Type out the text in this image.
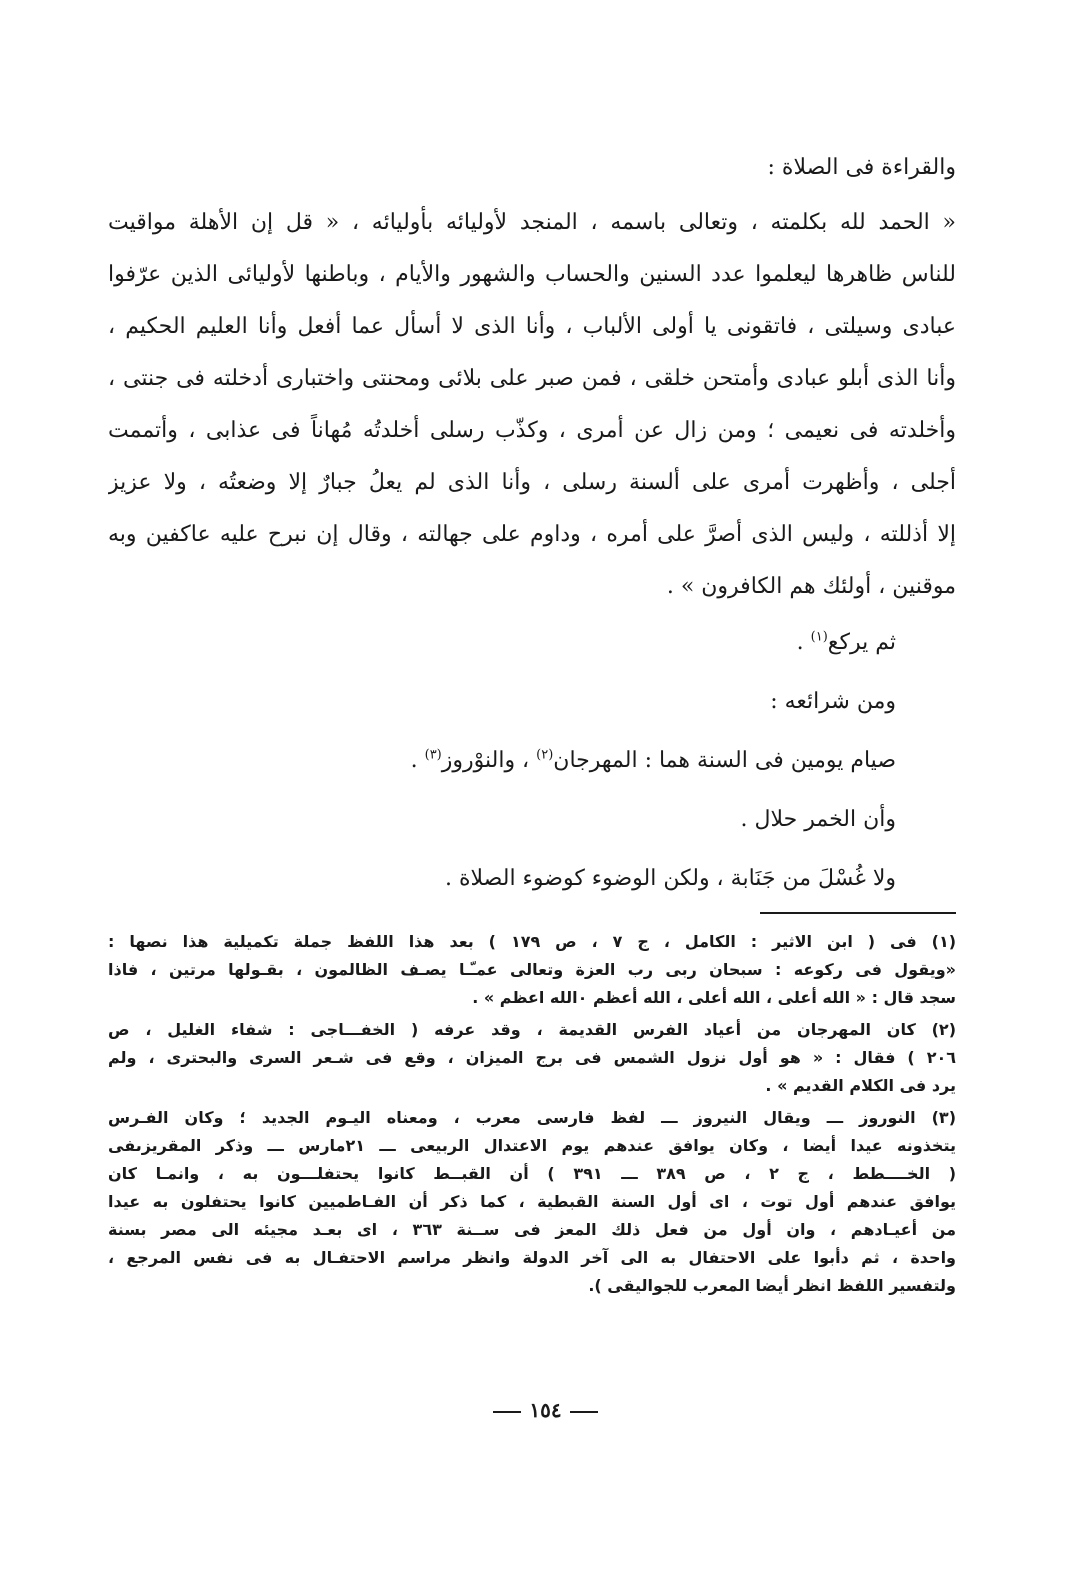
والقراءة فى الصلاة :

« الحمد لله بكلمته ، وتعالى باسمه ، المنجد لأوليائه بأوليائه ، « قل إن الأهلة مواقيت
للناس ظاهرها ليعلموا عدد السنين والحساب والشهور والأيام ، وباطنها لأوليائى الذين عرّفوا
عبادى وسيلتى ، فاتقونى يا أولى الألباب ، وأنا الذى لا أسأل عما أفعل وأنا العليم الحكيم ،
وأنا الذى أبلو عبادى وأمتحن خلقى ، فمن صبر على بلائى ومحنتى واختبارى أدخلته فى جنتى ،
وأخلدته فى نعيمى ؛ ومن زال عن أمرى ، وكذّب رسلى أخلدتُه مُهاناً فى عذابى ، وأتممت
أجلى ، وأظهرت أمرى على ألسنة رسلى ، وأنا الذى لم يعلُ جبارٌ إلا وضعتُه ، ولا عزيز
إلا أذللته ، وليس الذى أصرَّ على أمره ، وداوم على جهالته ، وقال إن نبرح عليه عاكفين وبه
موقنين ، أولئك هم الكافرون » .

ثم يركع$^{(١)}$ .
ومن شرائعه :
صيام يومين فى السنة هما : المهرجان$^{(٢)}$ ، والنوْروز$^{(٣)}$ .
وأن الخمر حلال .
ولا غُسْلَ من جَنَابة ، ولكن الوضوء كوضوء الصلاة .
(١) فى ( ابن الاثير : الكامل ، ج ٧ ، ص ١٧٩ ) بعد هذا اللفظ جملة تكميلية هذا نصها :
«ويقول فى ركوعه : سبحان ربى رب العزة وتعالى عمـّـا يصـف الظالمون ، بقـولها مرتين ، فاذا
سجد قال : « الله أعلى ، الله أعلى ، الله أعظم ٠الله اعظم » .
(٢) كان المهرجان من أعياد الفرس القديمة ، وقد عرفه ( الخفـــاجى : شفاء الغليل ، ص
٢٠٦ ) فقال : « هو أول نزول الشمس فى برج الميزان ، وقع فى شـعر السرى والبحترى ، ولم
يرد فى الكلام القديم » .
(٣) النوروز ـــ ويقال النيروز ـــ لفظ فارسى معرب ، ومعناه اليـوم الجديد ؛ وكان الفـرس
يتخذونه عيدا أيضا ، وكان يوافق عندهم يوم الاعتدال الربيعى ـــ ٢١مارس ـــ وذكر المقريزىفى
( الخــــطط ، ج ٢ ، ص ٣٨٩ ـــ ٣٩١ ) أن القبــط كانوا يحتفلـــون به ، وانمـا كان
يوافق عندهم أول توت ، اى أول السنة القبطية ، كما ذكر أن الفـاطميين كانوا يحتفلون به عيدا
من أعيـادهم ، وان أول من فعل ذلك المعز فى ســنة ٣٦٣ ، اى بعـد مجيئه الى مصر بسنة
واحدة ، ثم دأبوا على الاحتفال به الى آخر الدولة وانظر مراسم الاحتفـال به فى نفس المرجع ،
ولتفسير اللفظ انظر أيضا المعرب للجواليقى ).
١٥٤
